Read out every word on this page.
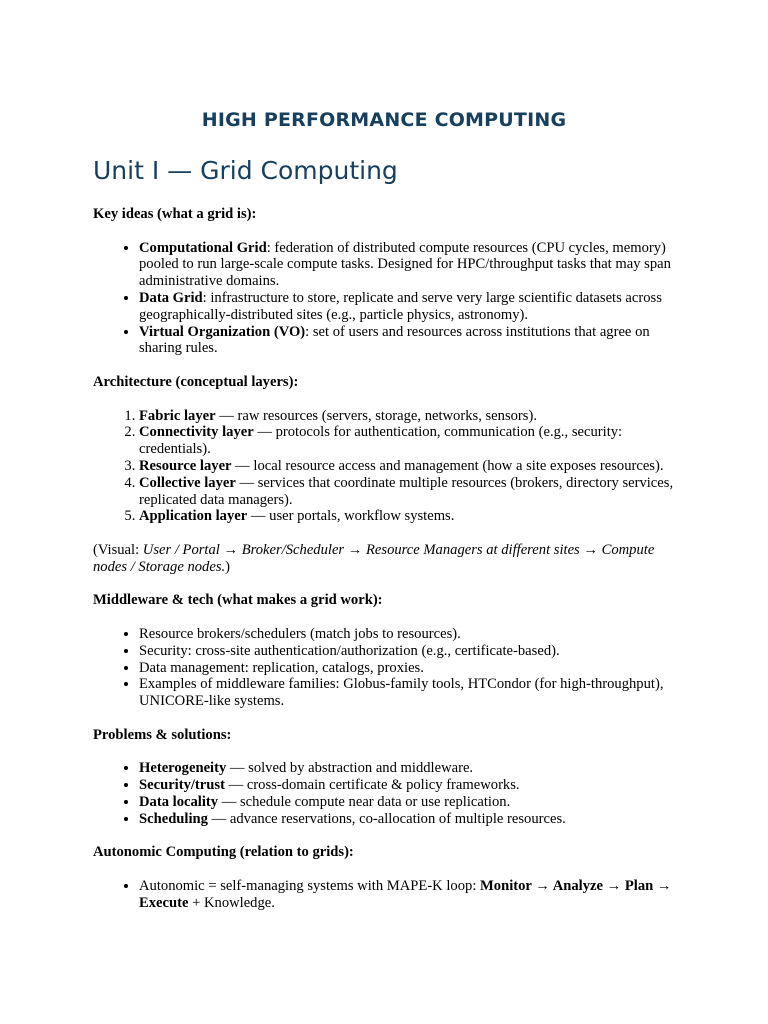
HIGH PERFORMANCE COMPUTING
Unit I — Grid Computing

Key ideas (what a grid is):

• Computational Grid: federation of distributed compute resources (CPU cycles, memory) pooled to run large-scale compute tasks. Designed for HPC/throughput tasks that may span administrative domains.
• Data Grid: infrastructure to store, replicate and serve very large scientific datasets across geographically-distributed sites (e.g., particle physics, astronomy).
• Virtual Organization (VO): set of users and resources across institutions that agree on sharing rules.

Architecture (conceptual layers):

1. Fabric layer — raw resources (servers, storage, networks, sensors).
2. Connectivity layer — protocols for authentication, communication (e.g., security: credentials).
3. Resource layer — local resource access and management (how a site exposes resources).
4. Collective layer — services that coordinate multiple resources (brokers, directory services, replicated data managers).
5. Application layer — user portals, workflow systems.

(Visual: User / Portal → Broker/Scheduler → Resource Managers at different sites → Compute nodes / Storage nodes.)

Middleware & tech (what makes a grid work):

• Resource brokers/schedulers (match jobs to resources).
• Security: cross-site authentication/authorization (e.g., certificate-based).
• Data management: replication, catalogs, proxies.
• Examples of middleware families: Globus-family tools, HTCondor (for high-throughput), UNICORE-like systems.

Problems & solutions:

• Heterogeneity — solved by abstraction and middleware.
• Security/trust — cross-domain certificate & policy frameworks.
• Data locality — schedule compute near data or use replication.
• Scheduling — advance reservations, co-allocation of multiple resources.

Autonomic Computing (relation to grids):

• Autonomic = self-managing systems with MAPE-K loop: Monitor → Analyze → Plan → Execute + Knowledge.
